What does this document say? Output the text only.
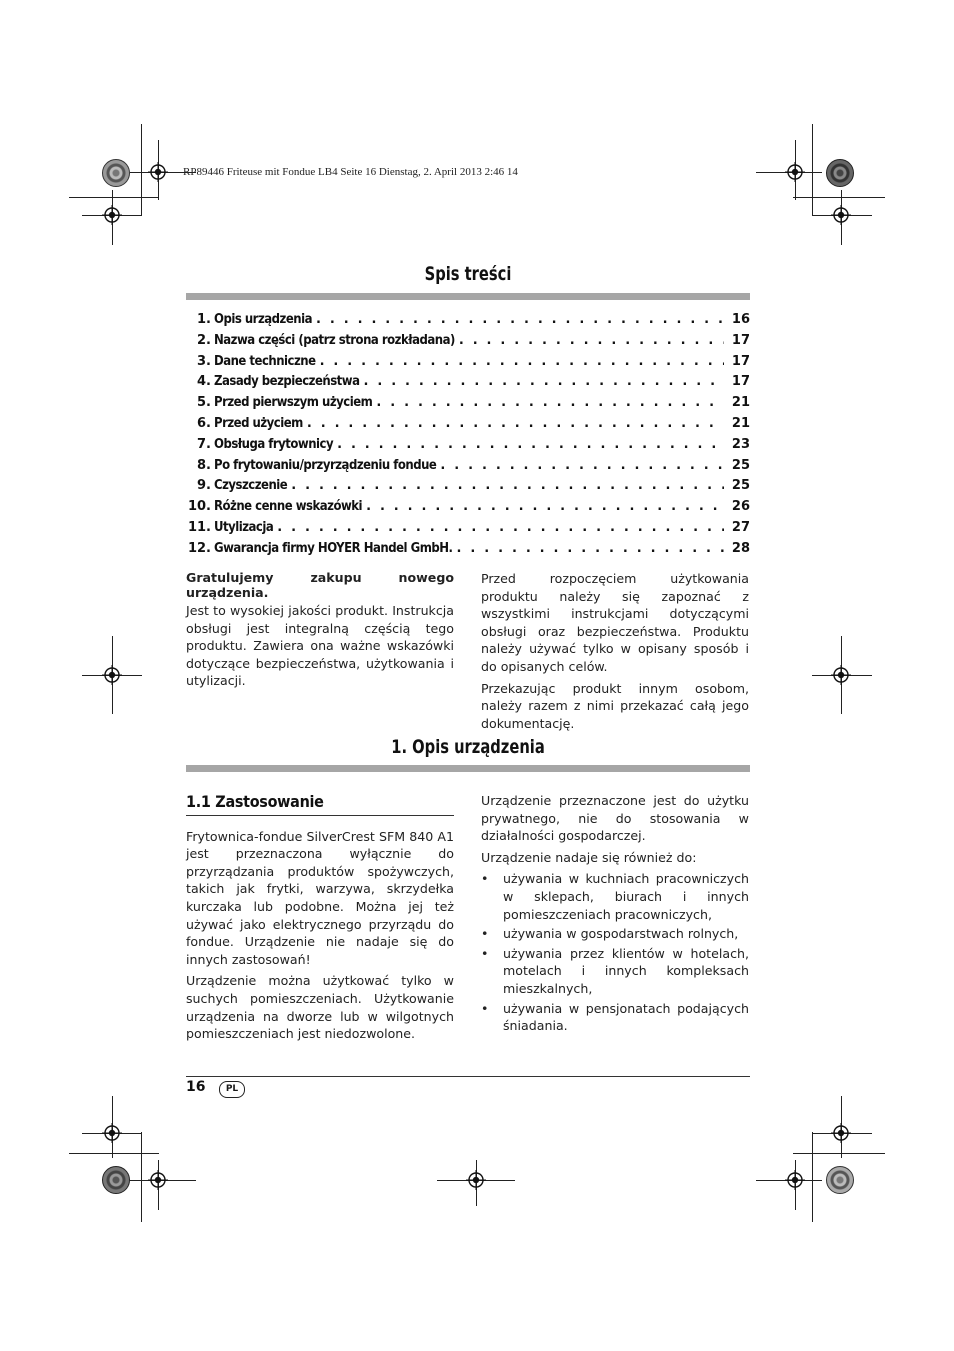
RP89446 Friteuse mit Fondue LB4 Seite 16 Dienstag, 2. April 2013 2:46 14
Spis treści
1. Opis urządzenia . . .	16
2. Nazwa części (patrz strona rozkładana) . . .	17
3. Dane techniczne . . .	17
4. Zasady bezpieczeństwa . . .	17
5. Przed pierwszym użyciem . . .	21
6. Przed użyciem . . .	21
7. Obsługa frytownicy . . .	23
8. Po frytowaniu/przyrządzeniu fondue . . .	25
9. Czyszczenie . . .	25
10. Różne cenne wskazówki . . .	26
11. Utylizacja . . .	27
12. Gwarancja firmy HOYER Handel GmbH. . . .	28

Gratulujemy zakupu nowego urządzenia.

Jest to wysokiej jakości produkt. Instrukcja obsługi jest integralną częścią tego produktu. Zawiera ona ważne wskazówki dotyczące bezpieczeństwa, użytkowania i utylizacji.

Przed rozpoczęciem użytkowania produktu należy się zapoznać z wszystkimi instrukcjami dotyczącymi obsługi oraz bezpieczeństwa. Produktu należy używać tylko w opisany sposób i do opisanych celów.

Przekazując produkt innym osobom, należy razem z nimi przekazać całą jego dokumentację.

1. Opis urządzenia
1.1 Zastosowanie

Frytownica-fondue SilverCrest SFM 840 A1 jest przeznaczona wyłącznie do przyrządzania produktów spożywczych, takich jak frytki, warzywa, skrzydełka kurczaka lub podobne. Można jej też używać jako elektrycznego przyrządu do fondue. Urządzenie nie nadaje się do innych zastosowań!

Urządzenie można użytkować tylko w suchych pomieszczeniach. Użytkowanie urządzenia na dworze lub w wilgotnych pomieszczeniach jest niedozwolone.

Urządzenie przeznaczone jest do użytku prywatnego, nie do stosowania w działalności gospodarczej.

Urządzenie nadaje się również do:

• używania w kuchniach pracowniczych w sklepach, biurach i innych pomieszczeniach pracowniczych,
• używania w gospodarstwach rolnych,
• używania przez klientów w hotelach, motelach i innych kompleksach mieszkalnych,
• używania w pensjonatach podających śniadania.
16	PL
